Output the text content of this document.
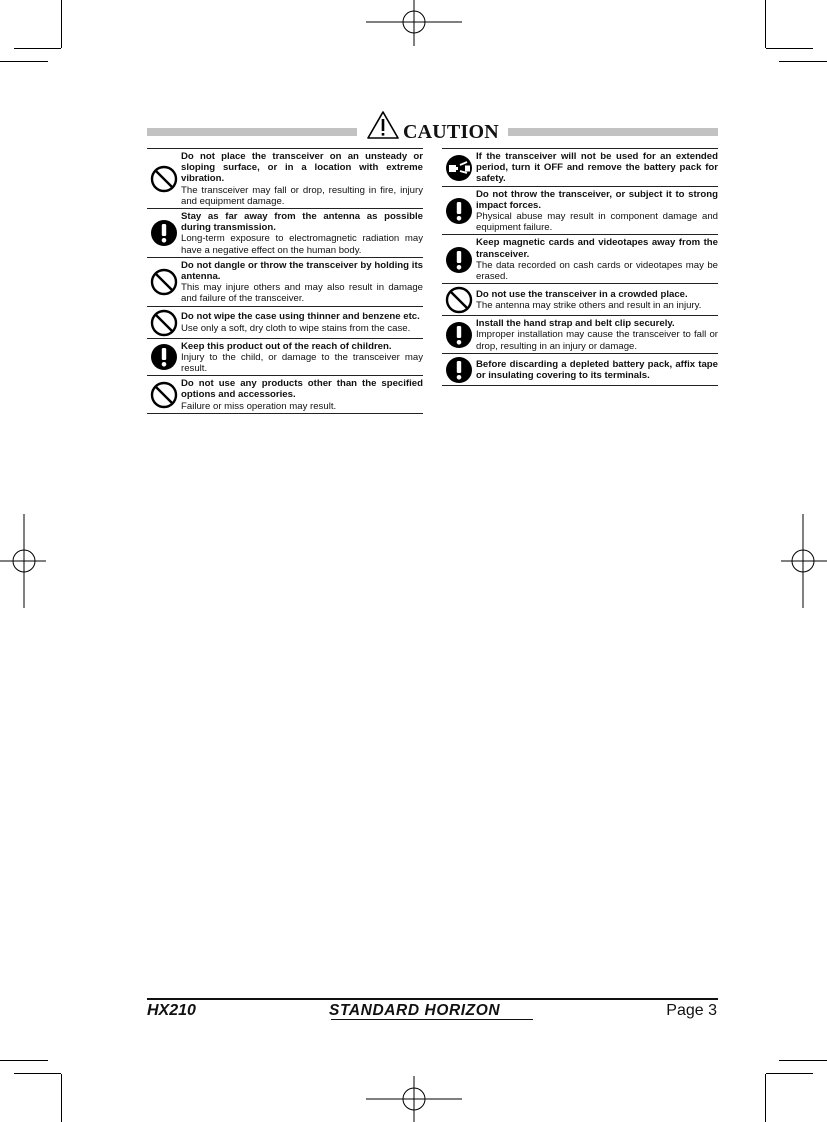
CAUTION
Do not place the transceiver on an unsteady or sloping surface, or in a location with extreme vibration.
The transceiver may fall or drop, resulting in fire, injury and equipment damage.
Stay as far away from the antenna as possible during transmission.
Long-term exposure to electromagnetic radiation may have a negative effect on the human body.
Do not dangle or throw the transceiver by holding its antenna.
This may injure others and may also result in damage and failure of the transceiver.
Do not wipe the case using thinner and benzene etc.
Use only a soft, dry cloth to wipe stains from the case.
Keep this product out of the reach of children.
Injury to the child, or damage to the transceiver may result.
Do not use any products other than the specified options and accessories.
Failure or miss operation may result.
If the transceiver will not be used for an extended period, turn it OFF and remove the battery pack for safety.
Do not throw the transceiver, or subject it to strong impact forces.
Physical abuse may result in component damage and equipment failure.
Keep magnetic cards and videotapes away from the transceiver.
The data recorded on cash cards or videotapes may be erased.
Do not use the transceiver in a crowded place.
The antenna may strike others and result in an injury.
Install the hand strap and belt clip securely.
Improper installation may cause the transceiver to fall or drop, resulting in an injury or damage.
Before discarding a depleted battery pack, affix tape or insulating covering to its terminals.
HX210	STANDARD HORIZON	Page 3
